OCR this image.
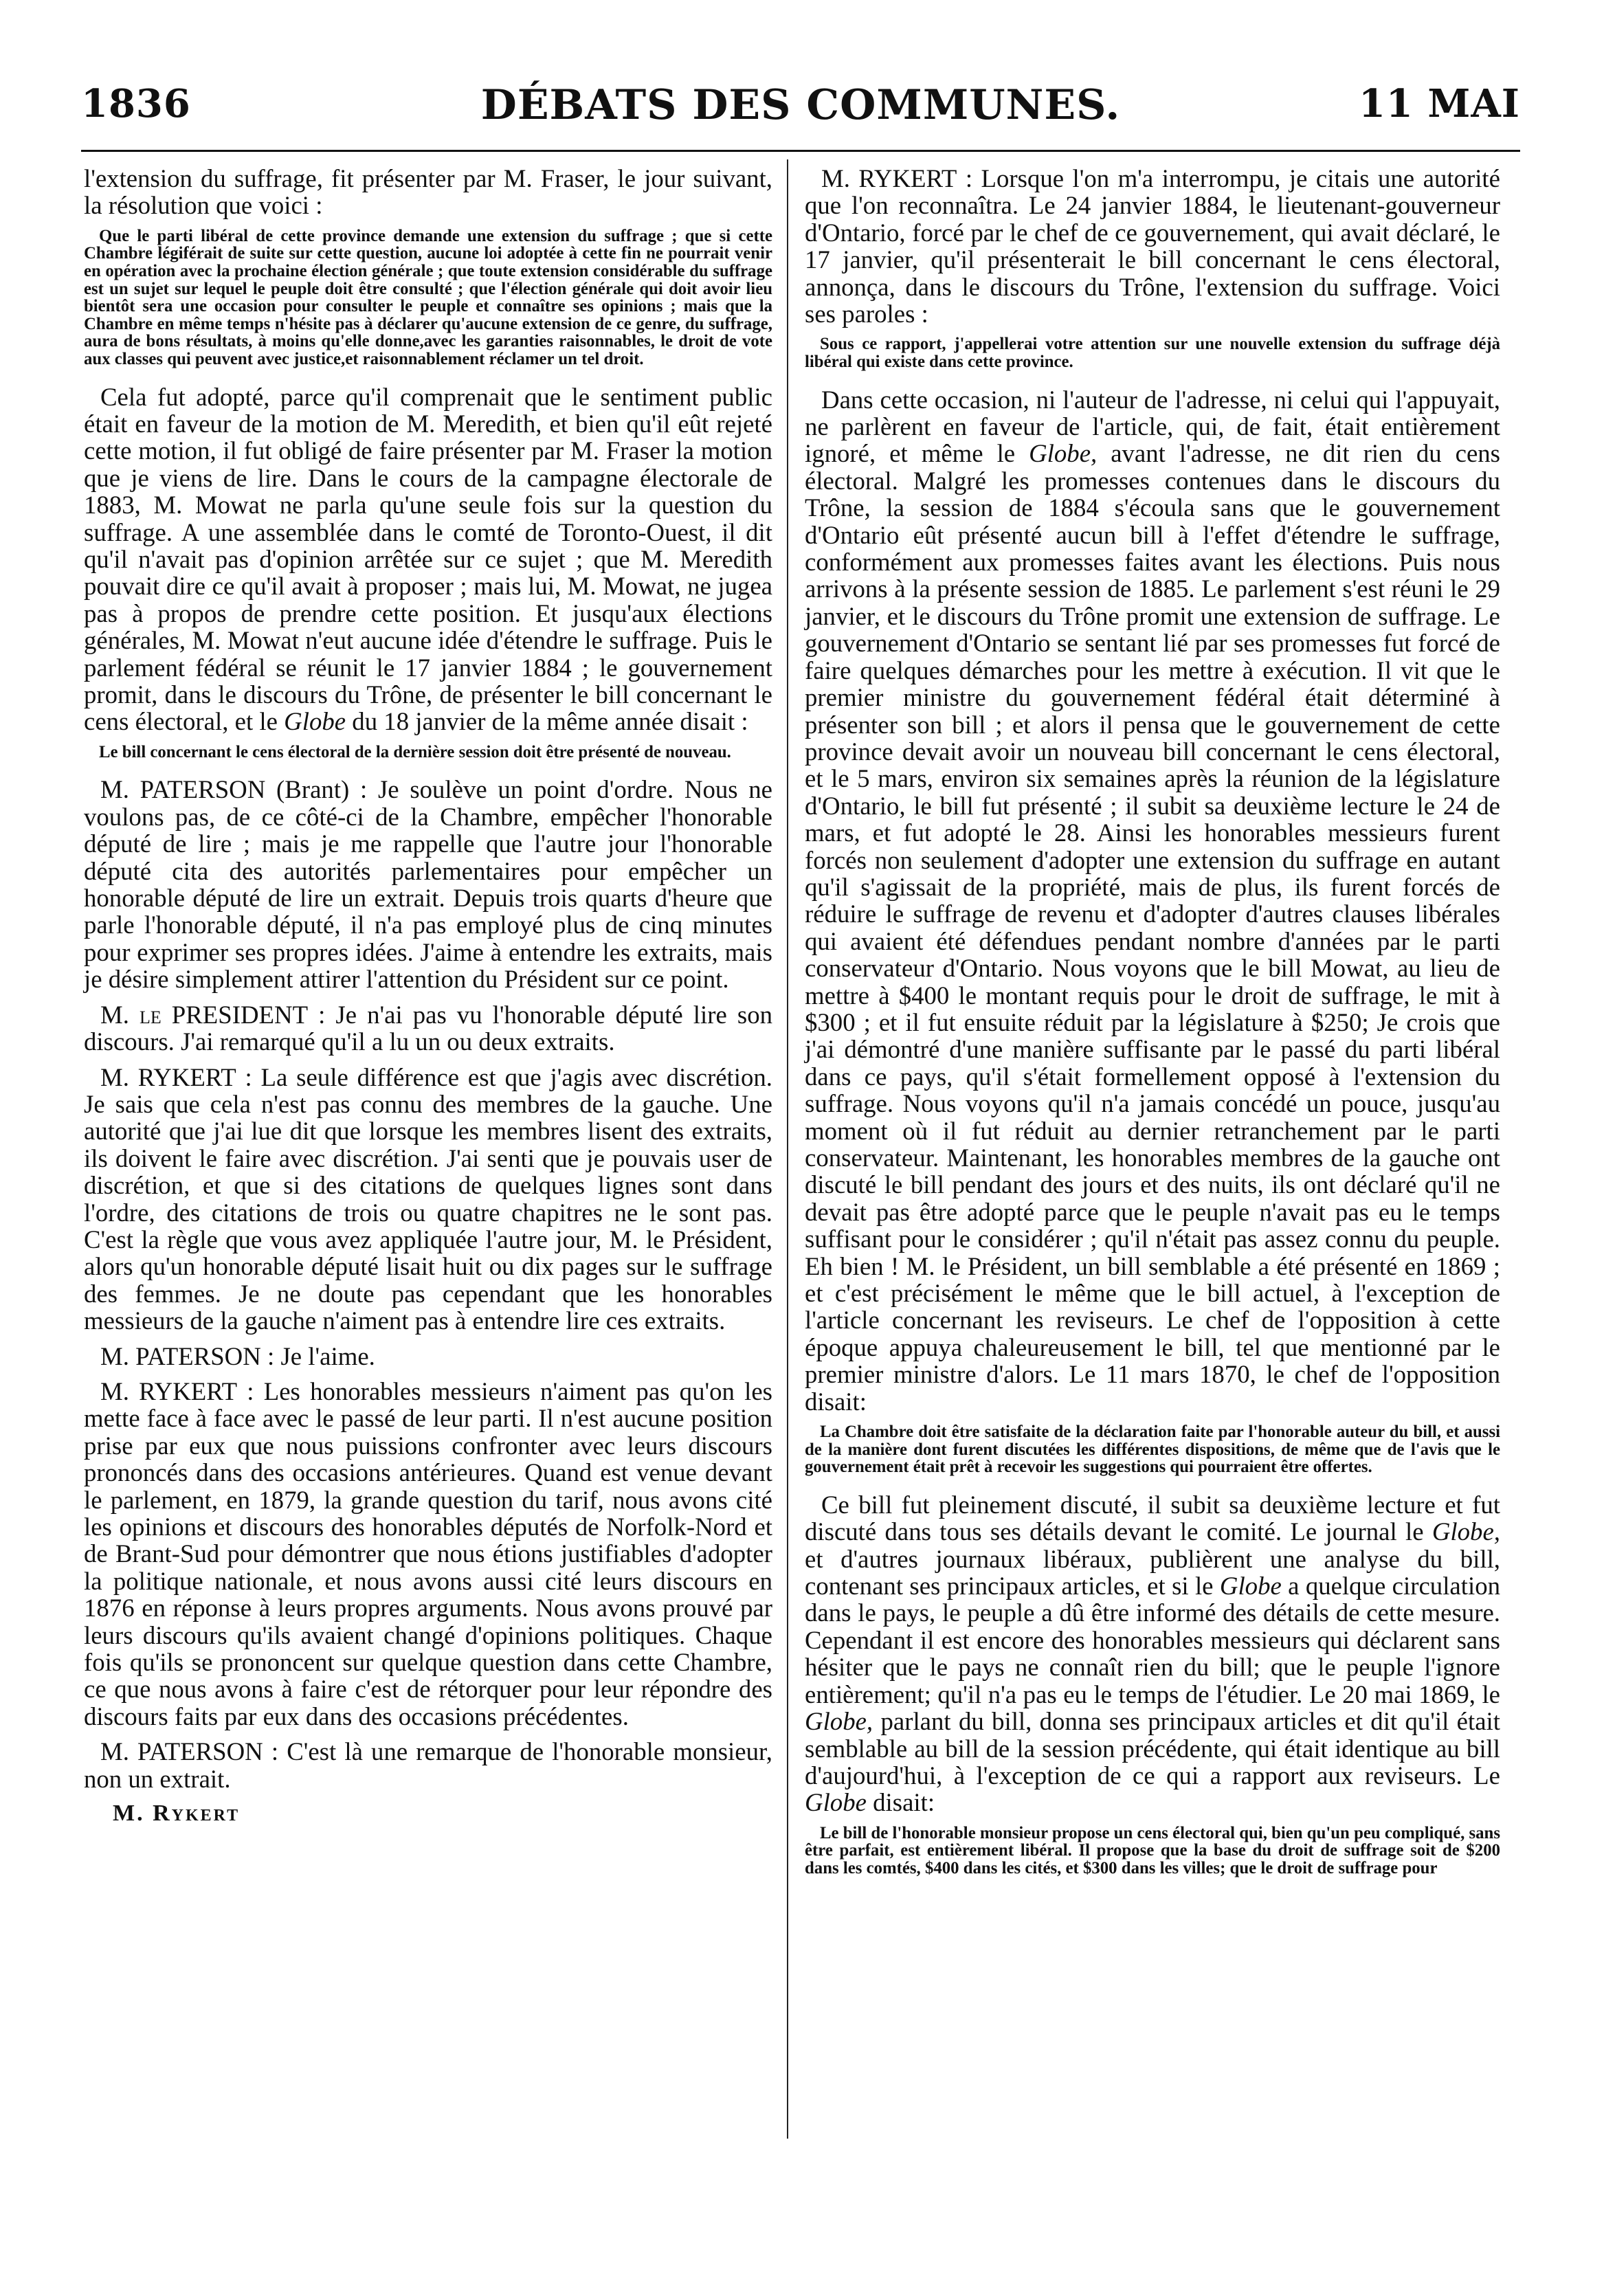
1836	DÉBATS DES COMMUNES.	11 MAI

l'extension du suffrage, fit présenter par M. Fraser, le jour suivant, la résolution que voici :

Que le parti libéral de cette province demande une extension du suffrage ; que si cette Chambre légiférait de suite sur cette question, aucune loi adoptée à cette fin ne pourrait venir en opération avec la prochaine élection générale ; que toute extension considérable du suffrage est un sujet sur lequel le peuple doit être consulté ; que l'élection générale qui doit avoir lieu bientôt sera une occasion pour consulter le peuple et connaître ses opinions ; mais que la Chambre en même temps n'hésite pas à déclarer qu'aucune extension de ce genre, du suffrage, aura de bons résultats, à moins qu'elle donne,avec les garanties raisonnables, le droit de vote aux classes qui peuvent avec justice,et raisonnablement réclamer un tel droit.

Cela fut adopté, parce qu'il comprenait que le sentiment public était en faveur de la motion de M. Meredith, et bien qu'il eût rejeté cette motion, il fut obligé de faire présenter par M. Fraser la motion que je viens de lire. Dans le cours de la campagne électorale de 1883, M. Mowat ne parla qu'une seule fois sur la question du suffrage. A une assemblée dans le comté de Toronto-Ouest, il dit qu'il n'avait pas d'opinion arrêtée sur ce sujet ; que M. Meredith pouvait dire ce qu'il avait à proposer ; mais lui, M. Mowat, ne jugea pas à propos de prendre cette position. Et jusqu'aux élections générales, M. Mowat n'eut aucune idée d'étendre le suffrage. Puis le parlement fédéral se réunit le 17 janvier 1884 ; le gouvernement promit, dans le discours du Trône, de présenter le bill concernant le cens électoral, et le Globe du 18 janvier de la même année disait :

Le bill concernant le cens électoral de la dernière session doit être présenté de nouveau.

M. PATERSON (Brant) : Je soulève un point d'ordre. Nous ne voulons pas, de ce côté-ci de la Chambre, empêcher l'honorable député de lire ; mais je me rappelle que l'autre jour l'honorable député cita des autorités parlementaires pour empêcher un honorable député de lire un extrait. Depuis trois quarts d'heure que parle l'honorable député, il n'a pas employé plus de cinq minutes pour exprimer ses propres idées. J'aime à entendre les extraits, mais je désire simplement attirer l'attention du Président sur ce point.

M. le PRESIDENT : Je n'ai pas vu l'honorable député lire son discours. J'ai remarqué qu'il a lu un ou deux extraits.

M. RYKERT : La seule différence est que j'agis avec discrétion. Je sais que cela n'est pas connu des membres de la gauche. Une autorité que j'ai lue dit que lorsque les membres lisent des extraits, ils doivent le faire avec discrétion. J'ai senti que je pouvais user de discrétion, et que si des citations de quelques lignes sont dans l'ordre, des citations de trois ou quatre chapitres ne le sont pas. C'est la règle que vous avez appliquée l'autre jour, M. le Président, alors qu'un honorable député lisait huit ou dix pages sur le suffrage des femmes. Je ne doute pas cependant que les honorables messieurs de la gauche n'aiment pas à entendre lire ces extraits.

M. PATERSON : Je l'aime.

M. RYKERT : Les honorables messieurs n'aiment pas qu'on les mette face à face avec le passé de leur parti. Il n'est aucune position prise par eux que nous puissions confronter avec leurs discours prononcés dans des occasions antérieures. Quand est venue devant le parlement, en 1879, la grande question du tarif, nous avons cité les opinions et discours des honorables députés de Norfolk-Nord et de Brant-Sud pour démontrer que nous étions justifiables d'adopter la politique nationale, et nous avons aussi cité leurs discours en 1876 en réponse à leurs propres arguments. Nous avons prouvé par leurs discours qu'ils avaient changé d'opinions politiques. Chaque fois qu'ils se prononcent sur quelque question dans cette Chambre, ce que nous avons à faire c'est de rétorquer pour leur répondre des discours faits par eux dans des occasions précédentes.

M. PATERSON : C'est là une remarque de l'honorable monsieur, non un extrait.

M. Rykert

M. RYKERT : Lorsque l'on m'a interrompu, je citais une autorité que l'on reconnaîtra. Le 24 janvier 1884, le lieutenant-gouverneur d'Ontario, forcé par le chef de ce gouvernement, qui avait déclaré, le 17 janvier, qu'il présenterait le bill concernant le cens électoral, annonça, dans le discours du Trône, l'extension du suffrage. Voici ses paroles :

Sous ce rapport, j'appellerai votre attention sur une nouvelle extension du suffrage déjà libéral qui existe dans cette province.

Dans cette occasion, ni l'auteur de l'adresse, ni celui qui l'appuyait, ne parlèrent en faveur de l'article, qui, de fait, était entièrement ignoré, et même le Globe, avant l'adresse, ne dit rien du cens électoral. Malgré les promesses contenues dans le discours du Trône, la session de 1884 s'écoula sans que le gouvernement d'Ontario eût présenté aucun bill à l'effet d'étendre le suffrage, conformément aux promesses faites avant les élections. Puis nous arrivons à la présente session de 1885. Le parlement s'est réuni le 29 janvier, et le discours du Trône promit une extension de suffrage. Le gouvernement d'Ontario se sentant lié par ses promesses fut forcé de faire quelques démarches pour les mettre à exécution. Il vit que le premier ministre du gouvernement fédéral était déterminé à présenter son bill ; et alors il pensa que le gouvernement de cette province devait avoir un nouveau bill concernant le cens électoral, et le 5 mars, environ six semaines après la réunion de la législature d'Ontario, le bill fut présenté ; il subit sa deuxième lecture le 24 de mars, et fut adopté le 28. Ainsi les honorables messieurs furent forcés non seulement d'adopter une extension du suffrage en autant qu'il s'agissait de la propriété, mais de plus, ils furent forcés de réduire le suffrage de revenu et d'adopter d'autres clauses libérales qui avaient été défendues pendant nombre d'années par le parti conservateur d'Ontario. Nous voyons que le bill Mowat, au lieu de mettre à $400 le montant requis pour le droit de suffrage, le mit à $300 ; et il fut ensuite réduit par la législature à $250; Je crois que j'ai démontré d'une manière suffisante par le passé du parti libéral dans ce pays, qu'il s'était formellement opposé à l'extension du suffrage. Nous voyons qu'il n'a jamais concédé un pouce, jusqu'au moment où il fut réduit au dernier retranchement par le parti conservateur. Maintenant, les honorables membres de la gauche ont discuté le bill pendant des jours et des nuits, ils ont déclaré qu'il ne devait pas être adopté parce que le peuple n'avait pas eu le temps suffisant pour le considérer ; qu'il n'était pas assez connu du peuple. Eh bien ! M. le Président, un bill semblable a été présenté en 1869 ; et c'est précisément le même que le bill actuel, à l'exception de l'article concernant les reviseurs. Le chef de l'opposition à cette époque appuya chaleureusement le bill, tel que mentionné par le premier ministre d'alors. Le 11 mars 1870, le chef de l'opposition disait:

La Chambre doit être satisfaite de la déclaration faite par l'honorable auteur du bill, et aussi de la manière dont furent discutées les différentes dispositions, de même que de l'avis que le gouvernement était prêt à recevoir les suggestions qui pourraient être offertes.

Ce bill fut pleinement discuté, il subit sa deuxième lecture et fut discuté dans tous ses détails devant le comité. Le journal le Globe, et d'autres journaux libéraux, publièrent une analyse du bill, contenant ses principaux articles, et si le Globe a quelque circulation dans le pays, le peuple a dû être informé des détails de cette mesure. Cependant il est encore des honorables messieurs qui déclarent sans hésiter que le pays ne connaît rien du bill; que le peuple l'ignore entièrement; qu'il n'a pas eu le temps de l'étudier. Le 20 mai 1869, le Globe, parlant du bill, donna ses principaux articles et dit qu'il était semblable au bill de la session précédente, qui était identique au bill d'aujourd'hui, à l'exception de ce qui a rapport aux reviseurs. Le Globe disait:

Le bill de l'honorable monsieur propose un cens électoral qui, bien qu'un peu compliqué, sans être parfait, est entièrement libéral. Il propose que la base du droit de suffrage soit de $200 dans les comtés, $400 dans les cités, et $300 dans les villes; que le droit de suffrage pour
